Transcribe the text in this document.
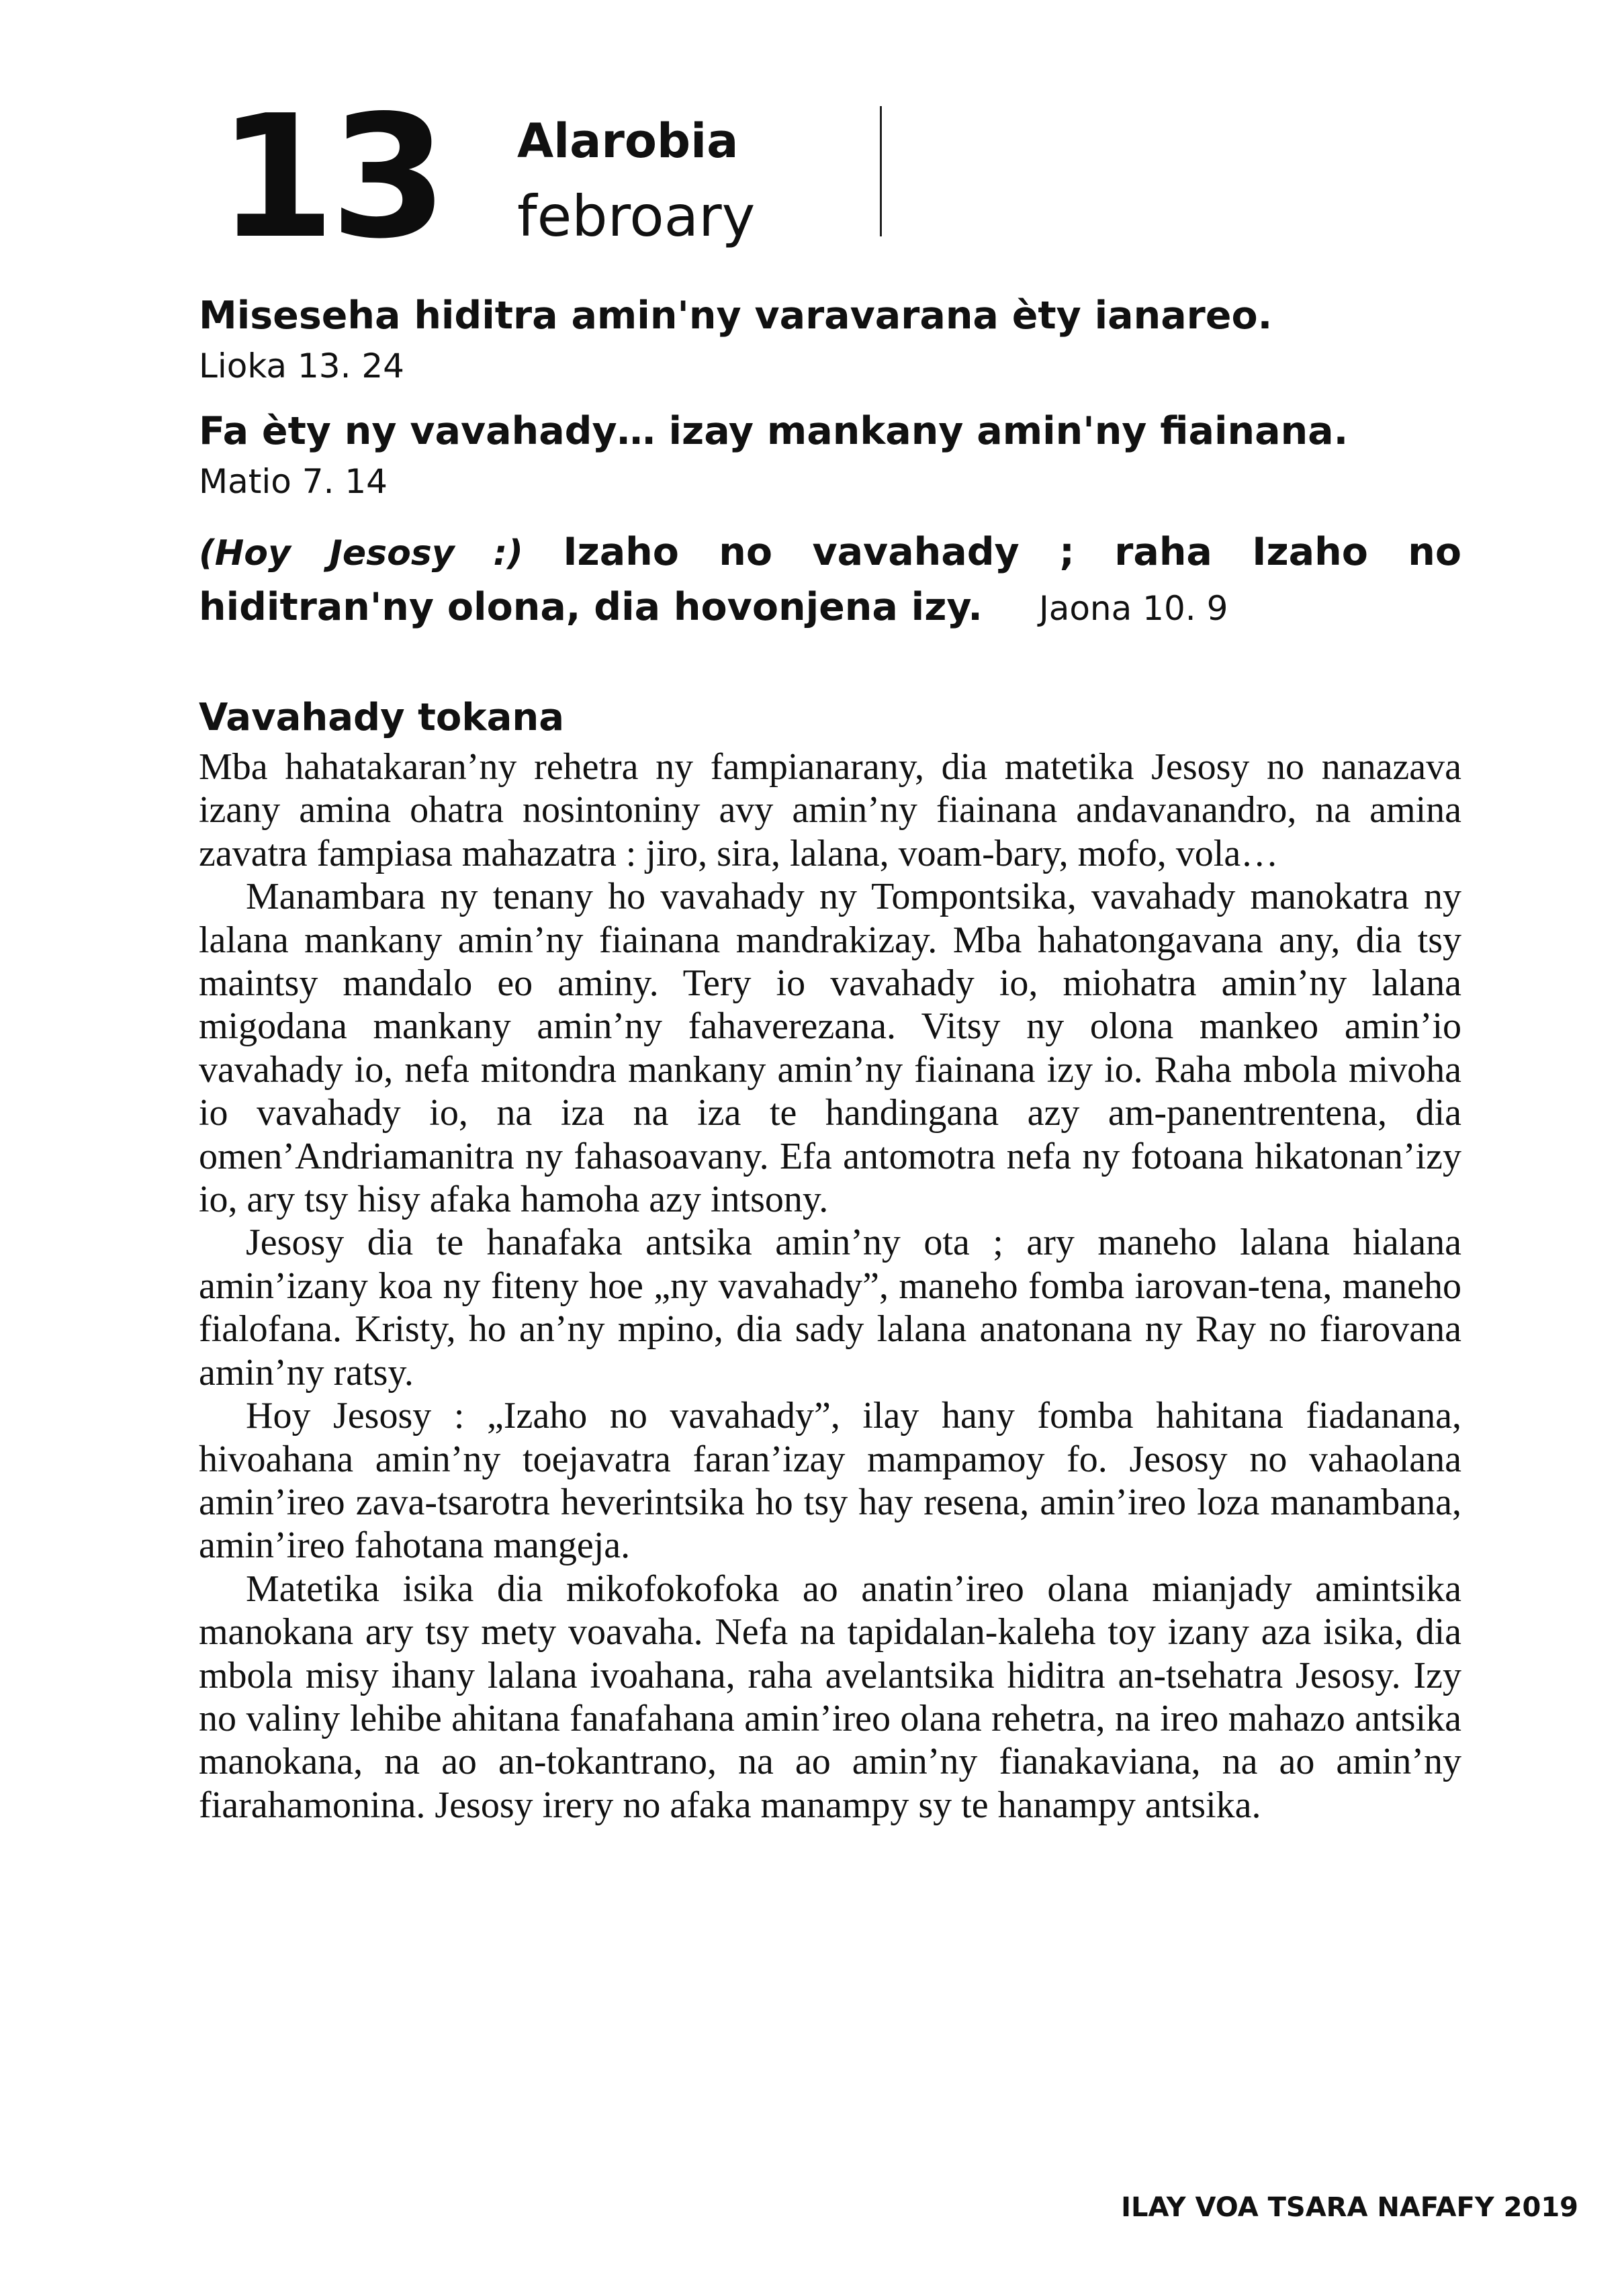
13 Alarobia
febroary

Miseseha hiditra amin'ny varavarana èty ianareo.

Lioka 13. 24

Fa èty ny vavahady… izay mankany amin'ny fiainana.

Matio 7. 14

(Hoy Jesosy :) Izaho no vavahady ; raha Izaho no hiditran'ny olona, dia hovonjena izy. Jaona 10. 9

Vavahady tokana

Mba hahatakaran’ny rehetra ny fampianarany, dia matetika Jesosy no nanazava izany amina ohatra nosintoniny avy amin’ny fiainana andavanandro, na amina zavatra fampiasa mahazatra : jiro, sira, lalana, voam-bary, mofo, vola…

Manambara ny tenany ho vavahady ny Tompontsika, vavahady manokatra ny lalana mankany amin’ny fiainana mandrakizay. Mba hahatongavana any, dia tsy maintsy mandalo eo aminy. Tery io vavahady io, miohatra amin’ny lalana migodana mankany amin’ny fahaverezana. Vitsy ny olona mankeo amin’io vavahady io, nefa mitondra mankany amin’ny fiainana izy io. Raha mbola mivoha io vavahady io, na iza na iza te handingana azy am-panentrentena, dia omen’Andriamanitra ny fahasoavany. Efa antomotra nefa ny fotoana hikatonan’izy io, ary tsy hisy afaka hamoha azy intsony.

Jesosy dia te hanafaka antsika amin’ny ota ; ary maneho lalana hialana amin’izany koa ny fiteny hoe „ny vavahady”, maneho fomba iarovan-tena, maneho fialofana. Kristy, ho an’ny mpino, dia sady lalana anatonana ny Ray no fiarovana amin’ny ratsy.

Hoy Jesosy : „Izaho no vavahady”, ilay hany fomba hahitana fiadanana, hivoahana amin’ny toejavatra faran’izay mampamoy fo. Jesosy no vahaolana amin’ireo zava-tsarotra heverintsika ho tsy hay resena, amin’ireo loza manambana, amin’ireo fahotana mangeja.

Matetika isika dia mikofokofoka ao anatin’ireo olana mianjady amintsika manokana ary tsy mety voavaha. Nefa na tapidalan-kaleha toy izany aza isika, dia mbola misy ihany lalana ivoahana, raha avelantsika hiditra an-tsehatra Jesosy. Izy no valiny lehibe ahitana fanafahana amin’ireo olana rehetra, na ireo mahazo antsika manokana, na ao an-tokantrano, na ao amin’ny fianakaviana, na ao amin’ny fiarahamonina. Jesosy irery no afaka manampy sy te hanampy antsika.

ILAY VOA TSARA NAFAFY 2019
